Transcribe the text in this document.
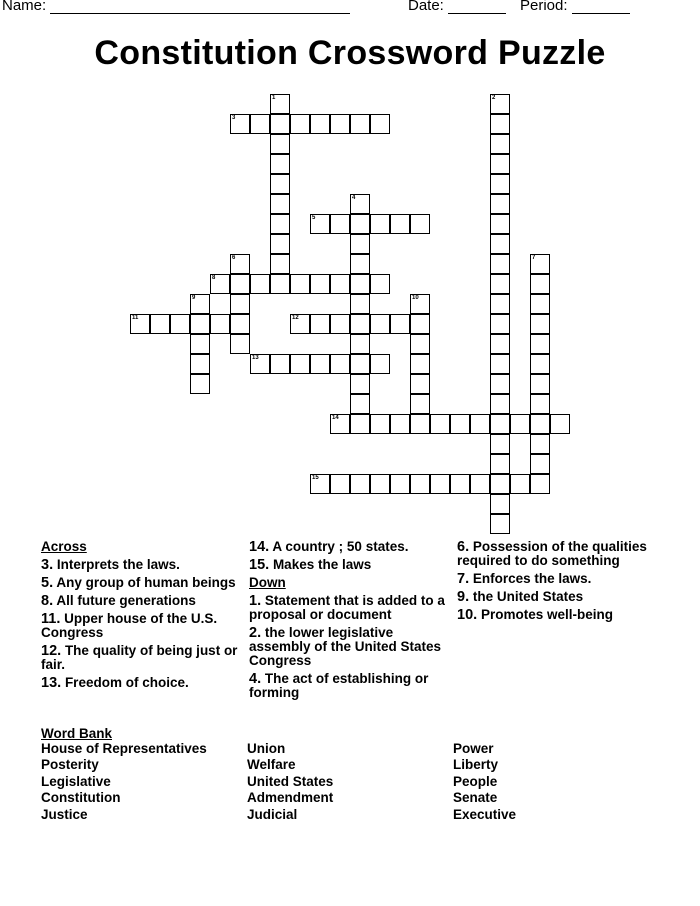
Name:	Date:	Period:
Constitution Crossword Puzzle
1	2
3
4
5
6	7
8
9	10
11	12
13
14
15
Across
3. Interprets the laws.
5. Any group of human beings
8. All future generations
11. Upper house of the U.S. Congress
12. The quality of being just or fair.
13. Freedom of choice.
14. A country ; 50 states.
15. Makes the laws
Down
1. Statement that is added to a proposal or document
2. the lower legislative assembly of the United States Congress
4. The act of establishing or forming
6. Possession of the qualities required to do something
7. Enforces the laws.
9. the United States
10. Promotes well-being
Word Bank
House of Representatives
Posterity
Legislative
Constitution
Justice
Union
Welfare
United States
Admendment
Judicial
Power
Liberty
People
Senate
Executive
